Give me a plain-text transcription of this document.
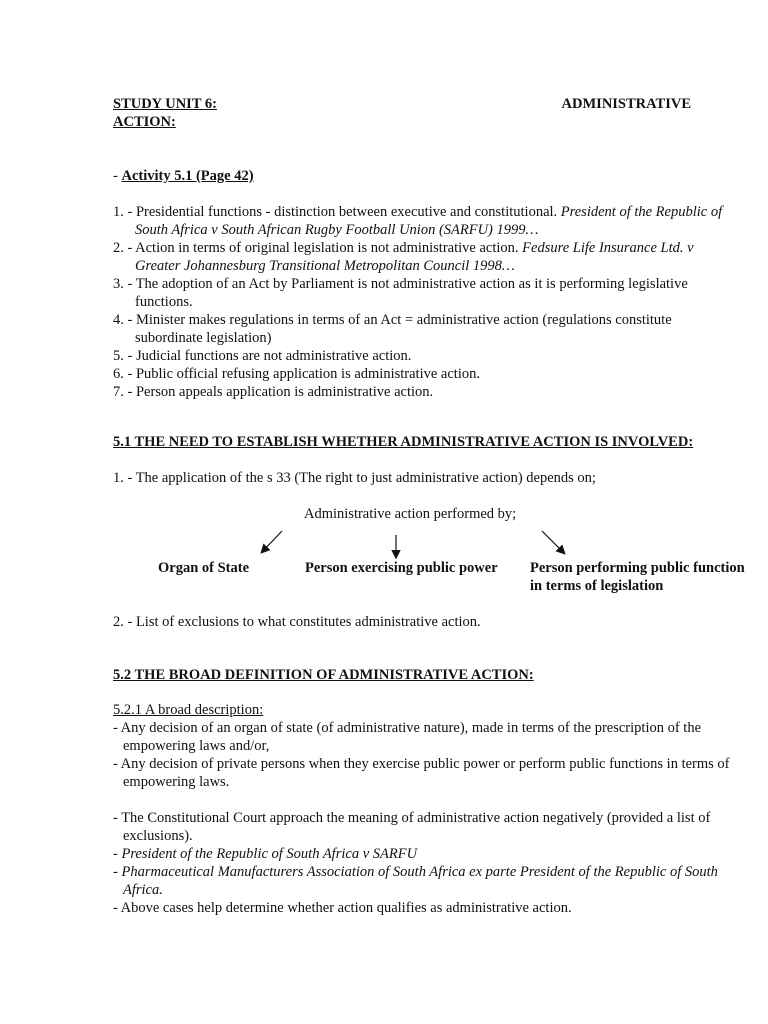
STUDY UNIT 6:	ADMINISTRATIVE
ACTION:
- Activity 5.1 (Page 42)
1. - Presidential functions - distinction between executive and constitutional. President of the Republic of
South Africa v South African Rugby Football Union (SARFU) 1999…
2. - Action in terms of original legislation is not administrative action. Fedsure Life Insurance Ltd. v
Greater Johannesburg Transitional Metropolitan Council 1998…
3. - The adoption of an Act by Parliament is not administrative action as it is performing legislative
functions.
4. - Minister makes regulations in terms of an Act = administrative action (regulations constitute
subordinate legislation)
5. - Judicial functions are not administrative action.
6. - Public official refusing application is administrative action.
7. - Person appeals application is administrative action.
5.1 THE NEED TO ESTABLISH WHETHER ADMINISTRATIVE ACTION IS INVOLVED:
1. - The application of the s 33 (The right to just administrative action) depends on;
Administrative action performed by;
Organ of State	Person exercising public power Person performing public function
in terms of legislation
2. - List of exclusions to what constitutes administrative action.
5.2 THE BROAD DEFINITION OF ADMINISTRATIVE ACTION:
5.2.1 A broad description:
- Any decision of an organ of state (of administrative nature), made in terms of the prescription of the
empowering laws and/or,
- Any decision of private persons when they exercise public power or perform public functions in terms of
empowering laws.
- The Constitutional Court approach the meaning of administrative action negatively (provided a list of
exclusions).
- President of the Republic of South Africa v SARFU
- Pharmaceutical Manufacturers Association of South Africa ex parte President of the Republic of South
Africa.
- Above cases help determine whether action qualifies as administrative action.
